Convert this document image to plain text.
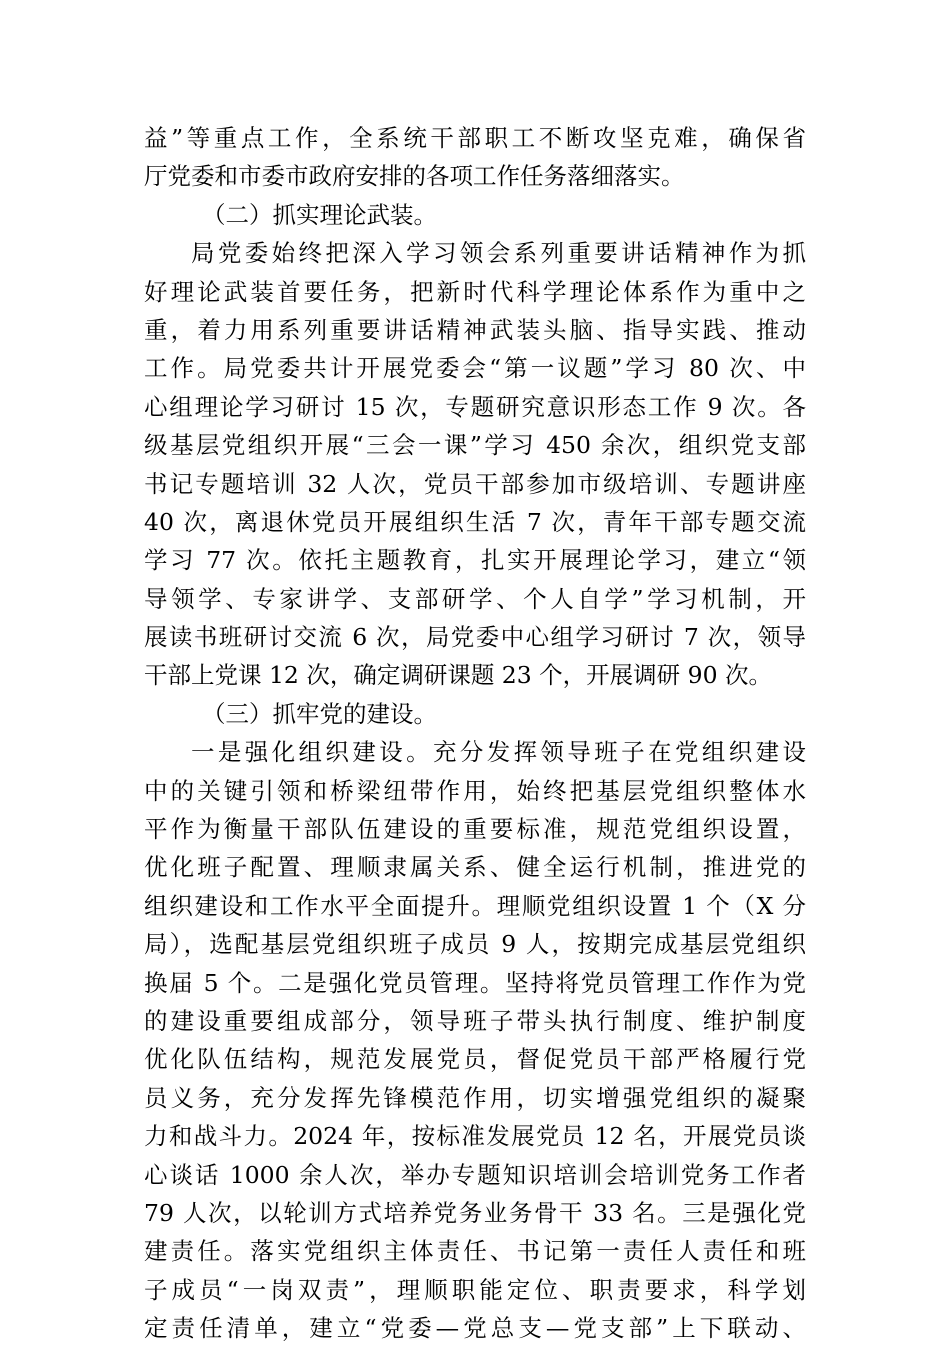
益”等重点工作，全系统干部职工不断攻坚克难，确保省
厅党委和市委市政府安排的各项工作任务落细落实。
（二）抓实理论武装。
局党委始终把深入学习领会系列重要讲话精神作为抓
好理论武装首要任务，把新时代科学理论体系作为重中之
重，着力用系列重要讲话精神武装头脑、指导实践、推动
工作。局党委共计开展党委会“第一议题”学习 80 次、中
心组理论学习研讨 15 次，专题研究意识形态工作 9 次。各
级基层党组织开展“三会一课”学习 450 余次，组织党支部
书记专题培训 32 人次，党员干部参加市级培训、专题讲座
40 次，离退休党员开展组织生活 7 次，青年干部专题交流
学习 77 次。依托主题教育，扎实开展理论学习，建立“领
导领学、专家讲学、支部研学、个人自学”学习机制，开
展读书班研讨交流 6 次，局党委中心组学习研讨 7 次，领导
干部上党课 12 次，确定调研课题 23 个，开展调研 90 次。
（三）抓牢党的建设。
一是强化组织建设。充分发挥领导班子在党组织建设
中的关键引领和桥梁纽带作用，始终把基层党组织整体水
平作为衡量干部队伍建设的重要标准，规范党组织设置，
优化班子配置、理顺隶属关系、健全运行机制，推进党的
组织建设和工作水平全面提升。理顺党组织设置 1 个（X 分
局），选配基层党组织班子成员 9 人，按期完成基层党组织
换届 5 个。二是强化党员管理。坚持将党员管理工作作为党
的建设重要组成部分，领导班子带头执行制度、维护制度
优化队伍结构，规范发展党员，督促党员干部严格履行党
员义务，充分发挥先锋模范作用，切实增强党组织的凝聚
力和战斗力。2024 年，按标准发展党员 12 名，开展党员谈
心谈话 1000 余人次，举办专题知识培训会培训党务工作者
79 人次，以轮训方式培养党务业务骨干 33 名。三是强化党
建责任。落实党组织主体责任、书记第一责任人责任和班
子成员“一岗双责”，理顺职能定位、职责要求，科学划
定责任清单，建立“党委—党总支—党支部”上下联动、
